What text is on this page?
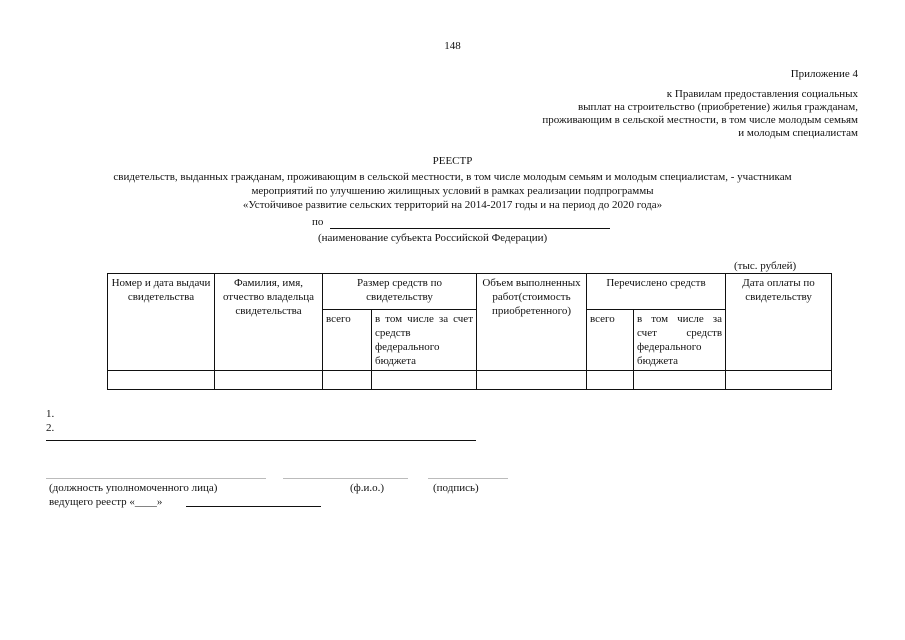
148
Приложение 4
к Правилам предоставления социальных
выплат на строительство (приобретение) жилья гражданам,
проживающим в сельской местности, в том числе молодым семьям
и молодым специалистам
РЕЕСТР
свидетельств, выданных гражданам, проживающим в сельской местности, в том числе молодым семьям и молодым специалистам, - участникам
мероприятий по улучшению жилищных условий в рамках реализации подпрограммы
«Устойчивое развитие сельских территорий на 2014-2017 годы и на период до 2020 года»
по
(наименование субъекта Российской Федерации)
(тыс. рублей)
Номер и дата выдачи свидетельства	Фамилия, имя, отчество владельца свидетельства	Размер средств по свидетельству		Объем выполненных работ(стоимость приобретенного)	Перечислено средств		Дата оплаты по свидетельству
		всего	в том числе за счет средств федерального бюджета		всего	в том числе за счет средств федерального бюджета	

1.
2.
(должность уполномоченного лица)	(ф.и.о.)	(подпись)
ведущего реестр «____»
